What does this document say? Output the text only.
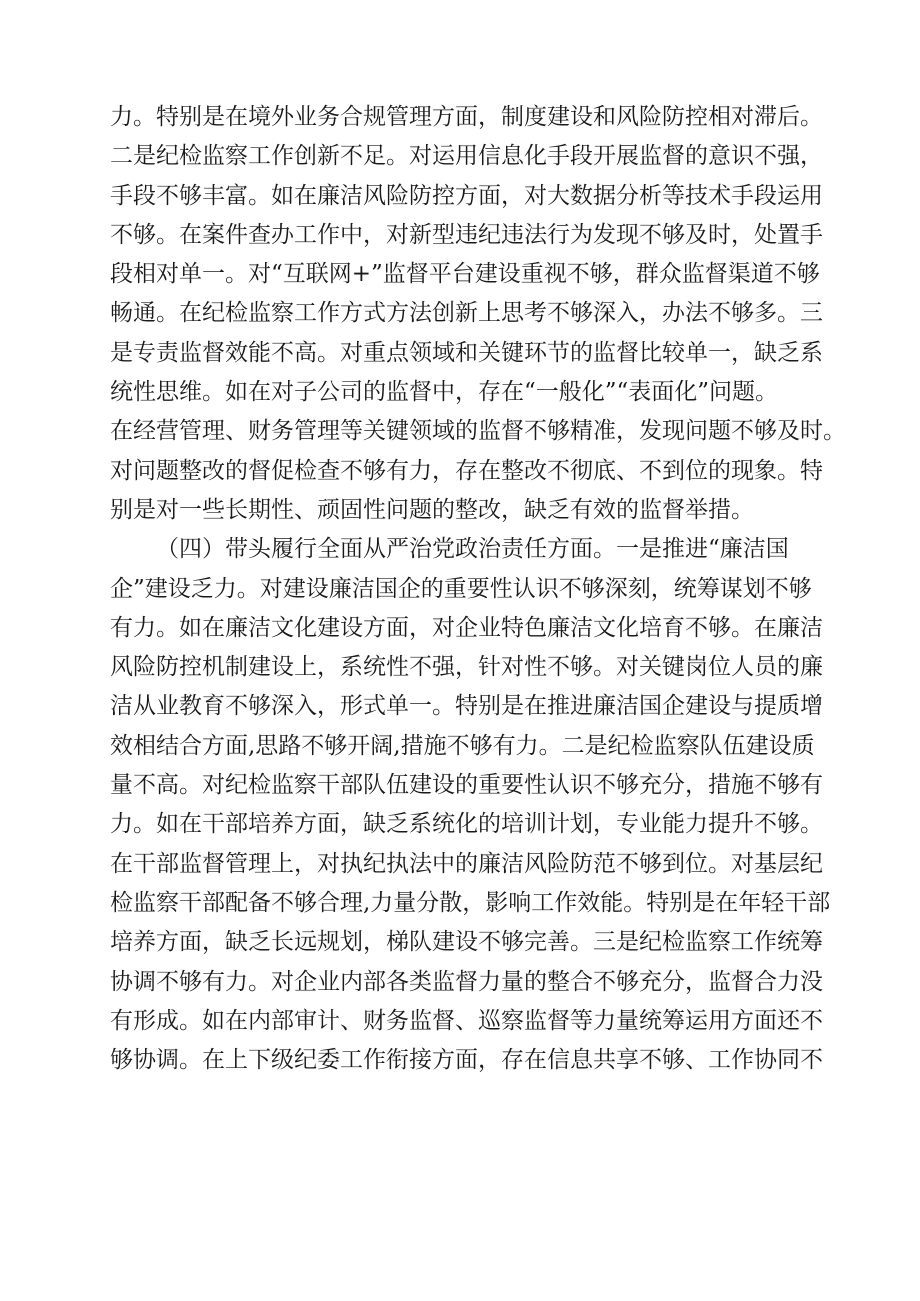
力。特别是在境外业务合规管理方面，制度建设和风险防控相对滞后。
二是纪检监察工作创新不足。对运用信息化手段开展监督的意识不强，
手段不够丰富。如在廉洁风险防控方面，对大数据分析等技术手段运用
不够。在案件查办工作中，对新型违纪违法行为发现不够及时，处置手
段相对单一。对“互联网+”监督平台建设重视不够，群众监督渠道不够
畅通。在纪检监察工作方式方法创新上思考不够深入，办法不够多。三
是专责监督效能不高。对重点领域和关键环节的监督比较单一，缺乏系
统性思维。如在对子公司的监督中，存在“一般化”“表面化”问题。
在经营管理、财务管理等关键领域的监督不够精准，发现问题不够及时。
对问题整改的督促检查不够有力，存在整改不彻底、不到位的现象。特
别是对一些长期性、顽固性问题的整改，缺乏有效的监督举措。
（四）带头履行全面从严治党政治责任方面。一是推进“廉洁国
企”建设乏力。对建设廉洁国企的重要性认识不够深刻，统筹谋划不够
有力。如在廉洁文化建设方面，对企业特色廉洁文化培育不够。在廉洁
风险防控机制建设上，系统性不强，针对性不够。对关键岗位人员的廉
洁从业教育不够深入，形式单一。特别是在推进廉洁国企建设与提质增
效相结合方面,思路不够开阔,措施不够有力。二是纪检监察队伍建设质
量不高。对纪检监察干部队伍建设的重要性认识不够充分，措施不够有
力。如在干部培养方面，缺乏系统化的培训计划，专业能力提升不够。
在干部监督管理上，对执纪执法中的廉洁风险防范不够到位。对基层纪
检监察干部配备不够合理,力量分散，影响工作效能。特别是在年轻干部
培养方面，缺乏长远规划，梯队建设不够完善。三是纪检监察工作统筹
协调不够有力。对企业内部各类监督力量的整合不够充分，监督合力没
有形成。如在内部审计、财务监督、巡察监督等力量统筹运用方面还不
够协调。在上下级纪委工作衔接方面，存在信息共享不够、工作协同不
